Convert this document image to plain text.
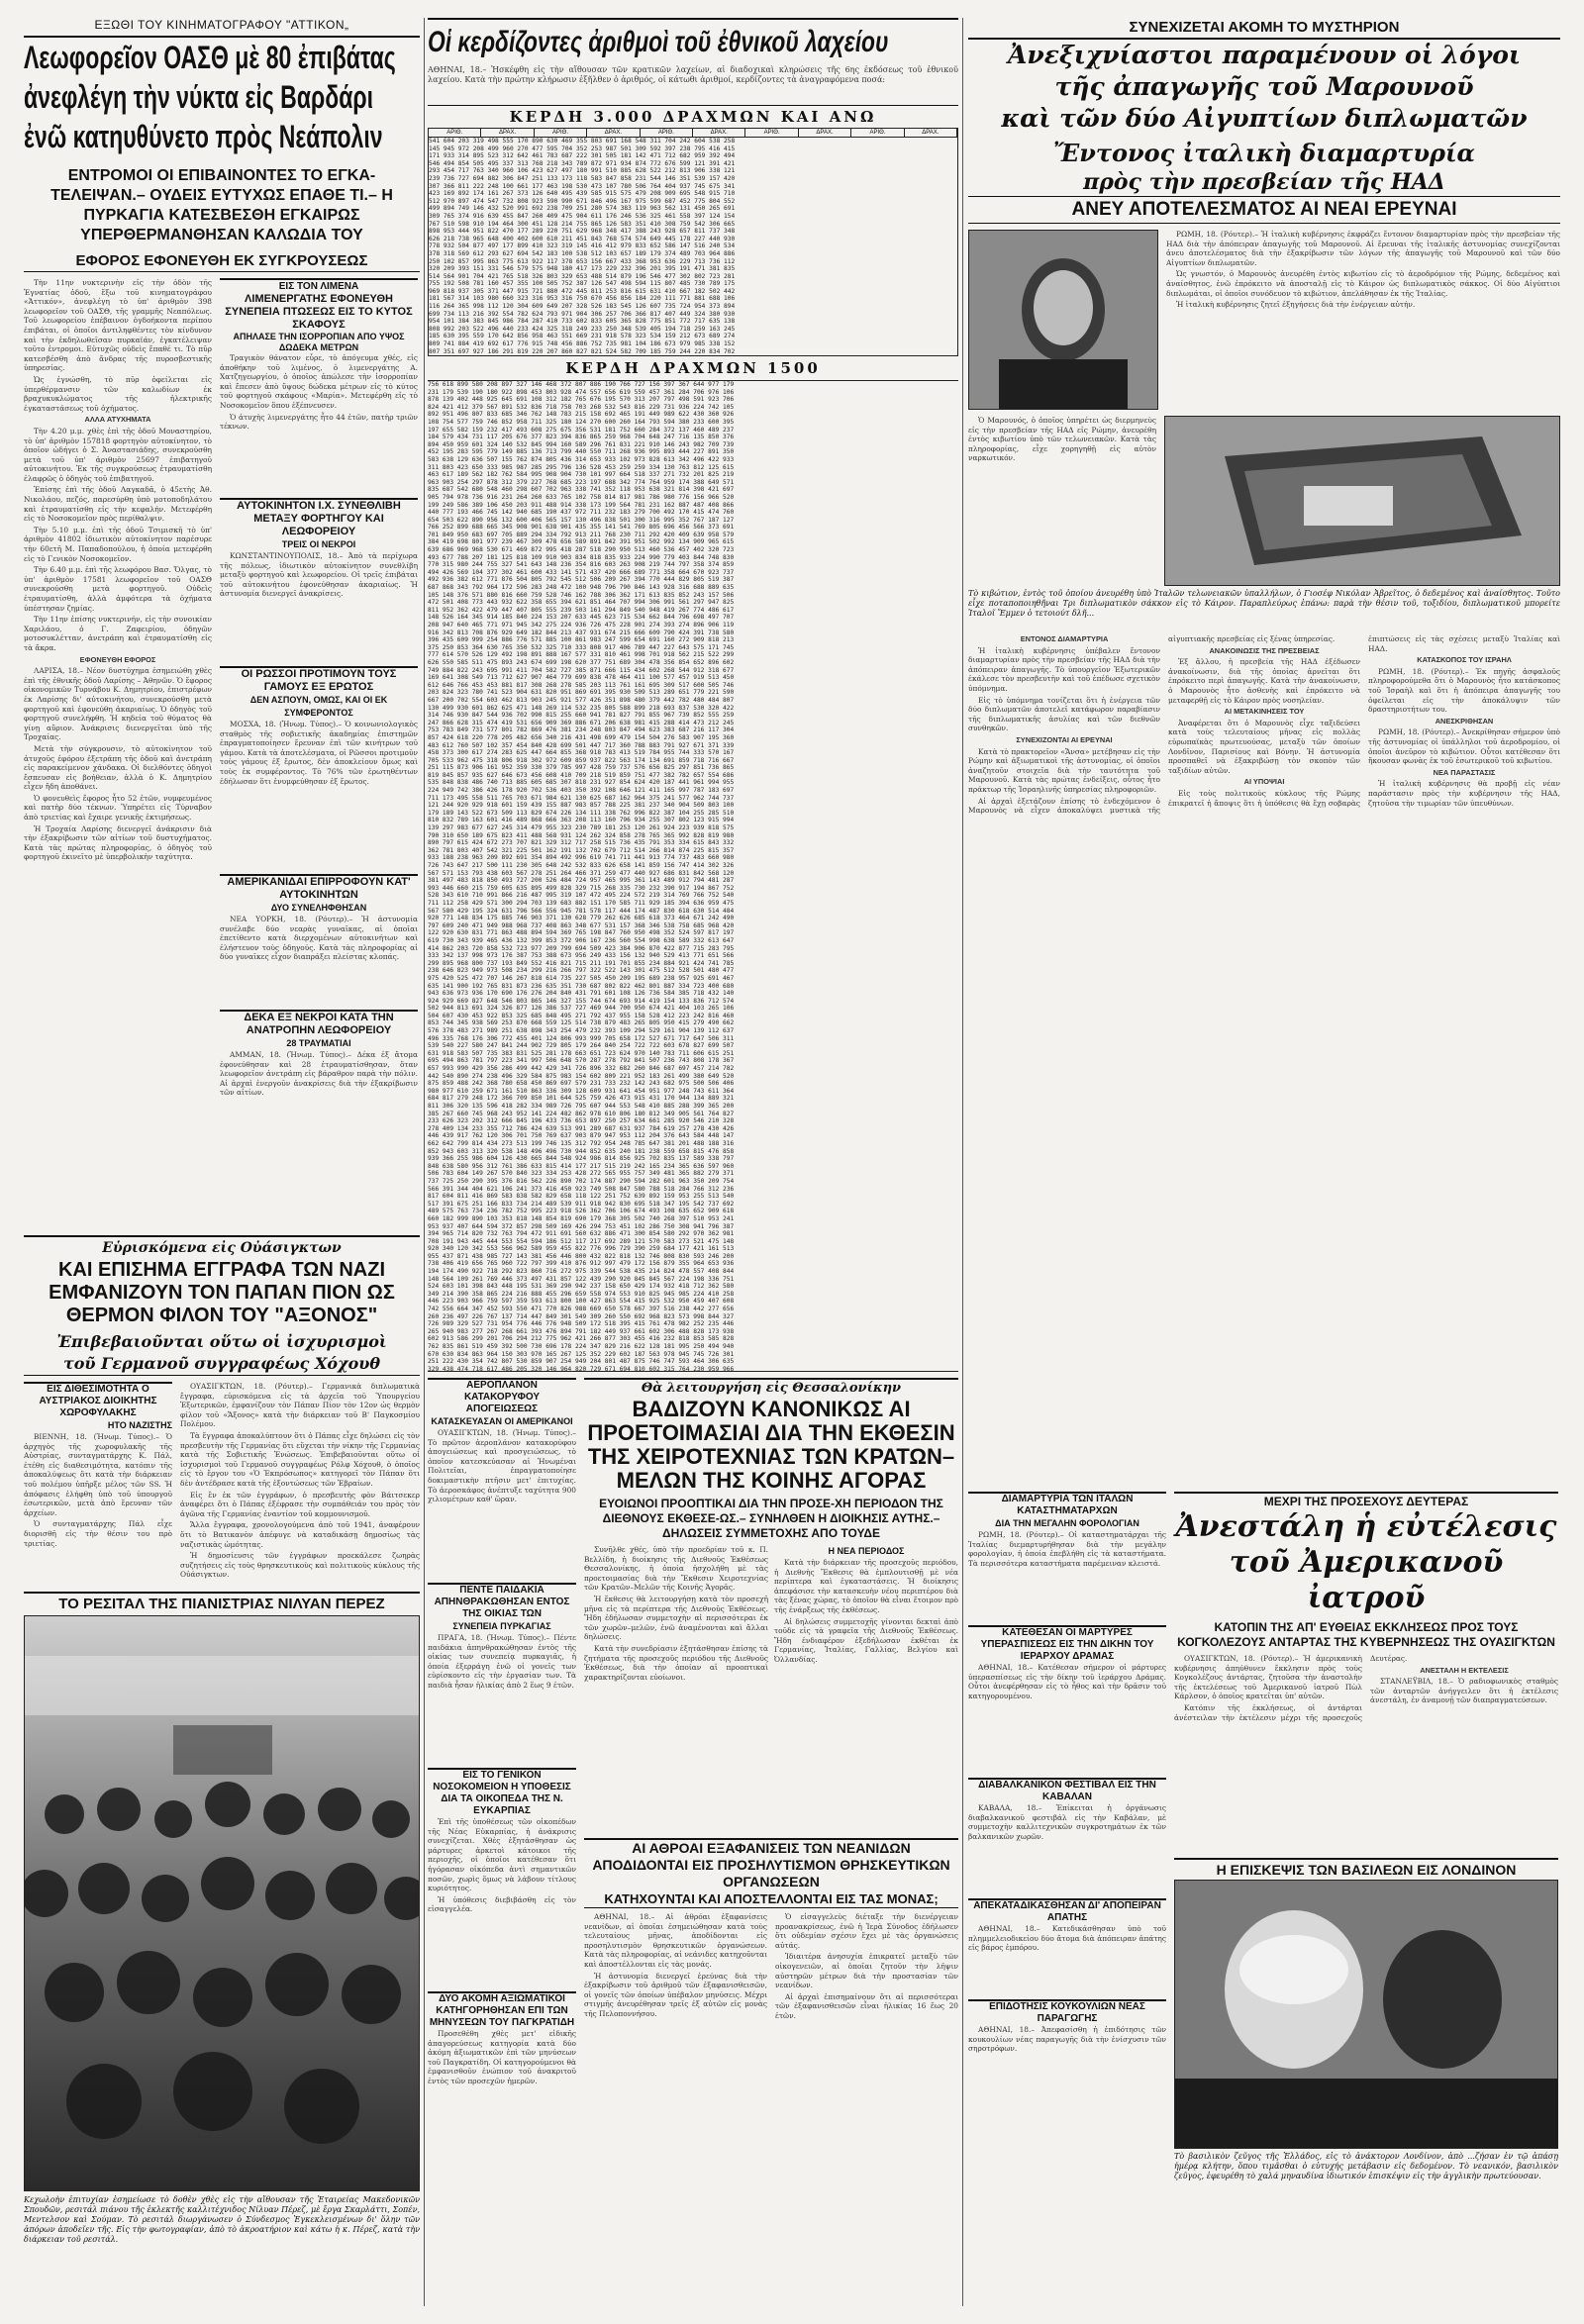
ΕΞΩΘΙ ΤΟΥ ΚΙΝΗΜΑΤΟΓΡΑΦΟΥ "ΑΤΤΙΚΟΝ„
Λεωφορεῖον ΟΑΣΘ μὲ 80 ἐπιβάτας
ἀνεφλέγη τὴν νύκτα εἰς Βαρδάρι
ἐνῶ κατηυθύνετο πρὸς Νεάπολιν
ΕΝΤΡΟΜΟΙ ΟΙ ΕΠΙΒΑΙΝΟΝΤΕΣ ΤΟ ΕΓΚΑ-ΤΕΛΕΙΨΑΝ.– ΟΥΔΕΙΣ ΕΥΤΥΧΩΣ ΕΠΑΘΕ ΤΙ.– Η ΠΥΡΚΑΓΙΑ ΚΑΤΕΣΒΕΣΘΗ ΕΓΚΑΙΡΩΣ ΥΠΕΡΘΕΡΜΑΝΘΗΣΑΝ ΚΑΛΩΔΙΑ ΤΟΥ
ΕΦΟΡΟΣ ΕΦΟΝΕΥΘΗ ΕΚ ΣΥΓΚΡΟΥΣΕΩΣ

Τὴν 11ην νυκτερινὴν εἰς τὴν ὁδὸν τῆς Ἐγνατίας ὁδοῦ, ἔξω τοῦ κινηματογράφου «Ἀττικόν», ἀνεφλέγη τὸ ὑπ' ἀριθμὸν 398 λεωφορεῖον τοῦ ΟΑΣΘ, τῆς γραμμῆς Νεαπόλεως. Τοῦ λεωφορείου ἐπέβαινον ὀγδοήκοντα περίπου ἐπιβάται, οἱ ὁποῖοι ἀντιληφθέντες τὸν κίνδυνον καὶ τὴν ἐκδηλωθεῖσαν πυρκαϊάν, ἐγκατέλειψαν τοῦτο ἐντρομοι. Εὐτυχῶς οὐδεὶς ἔπαθέ τι. Τὸ πῦρ κατεσβέσθη ἀπὸ ἄνδρας τῆς πυροσβεστικῆς ὑπηρεσίας.

Ὡς ἐγνώσθη, τὸ πῦρ ὀφείλεται εἰς ὑπερθέρμανσιν τῶν καλωδίων ἐκ βραχυκυκλώματος τῆς ἠλεκτρικῆς ἐγκαταστάσεως τοῦ ὀχήματος.

ΑΛΛΑ ΑΤΥΧΗΜΑΤΑ

Τὴν 4.20 μ.μ. χθὲς ἐπὶ τῆς ὁδοῦ Μοναστηρίου, τὸ ὑπ' ἀριθμὸν 157818 φορτηγὸν αὐτοκίνητον, τὸ ὁποῖον ὡδήγει ὁ Σ. Ἀναστασιάδης, συνεκρούσθη μετὰ τοῦ ὑπ' ἀριθμὸν 25697 ἐπιβατηγοῦ αὐτοκινήτου. Ἐκ τῆς συγκρούσεως ἐτραυματίσθη ἐλαφρῶς ὁ ὁδηγὸς τοῦ ἐπιβατηγοῦ.

Ἐπίσης ἐπὶ τῆς ὁδοῦ Λαγκαδᾶ, ὁ 45ετὴς Ἀθ. Νικολάου, πεζός, παρεσύρθη ὑπὸ μοτοποδηλάτου καὶ ἐτραυματίσθη εἰς τὴν κεφαλήν. Μετεφέρθη εἰς τὸ Νοσοκομεῖον πρὸς περίθαλψιν.

Τὴν 5.10 μ.μ. ἐπὶ τῆς ὁδοῦ Τσιμισκῆ τὸ ὑπ' ἀριθμὸν 41802 ἰδιωτικὸν αὐτοκίνητον παρέσυρε τὴν 60ετῆ Μ. Παπαδοπούλου, ἡ ὁποία μετεφέρθη εἰς τὸ Γενικὸν Νοσοκομεῖον.

Τὴν 6.40 μ.μ. ἐπὶ τῆς λεωφόρου Βασ. Ὄλγας, τὸ ὑπ' ἀριθμὸν 17581 λεωφορεῖον τοῦ ΟΑΣΘ συνεκρούσθη μετὰ φορτηγοῦ. Οὐδεὶς ἐτραυματίσθη, ἀλλὰ ἀμφότερα τὰ ὀχήματα ὑπέστησαν ζημίας.

Τὴν 11ην ἐπίσης νυκτερινήν, εἰς τὴν συνοικίαν Χαριλάου, ὁ Γ. Ζαφειρίου, ὁδηγῶν μοτοσυκλέτταν, ἀνετράπη καὶ ἐτραυματίσθη εἰς τὰ ἄκρα.

ΕΦΟΝΕΥΘΗ ΕΦΟΡΟΣ

ΛΑΡΙΣΑ, 18.– Νέον δυστύχημα ἐσημειώθη χθὲς ἐπὶ τῆς ἐθνικῆς ὁδοῦ Λαρίσης – Ἀθηνῶν. Ὁ ἔφορος οἰκονομικῶν Τυρνάβου Κ. Δημητρίου, ἐπιστρέφων ἐκ Λαρίσης δι' αὐτοκινήτου, συνεκρούσθη μετὰ φορτηγοῦ καὶ ἐφονεύθη ἀκαριαίως. Ὁ ὁδηγὸς τοῦ φορτηγοῦ συνελήφθη. Ἡ κηδεία τοῦ θύματος θὰ γίνῃ αὔριον. Ἀνάκρισις διενεργεῖται ὑπὸ τῆς Τροχαίας.

Μετὰ τὴν σύγκρουσιν, τὸ αὐτοκίνητον τοῦ ἀτυχοῦς ἐφόρου ἐξετράπη τῆς ὁδοῦ καὶ ἀνετράπη εἰς παρακείμενον χάνδακα. Οἱ διελθόντες ὁδηγοὶ ἔσπευσαν εἰς βοήθειαν, ἀλλὰ ὁ Κ. Δημητρίου εἶχεν ἤδη ἀποθάνει.

Ὁ φονευθεὶς ἔφορος ἦτο 52 ἐτῶν, νυμφευμένος καὶ πατὴρ δύο τέκνων. Ὑπηρέτει εἰς Τύρναβον ἀπὸ τριετίας καὶ ἔχαιρε γενικῆς ἐκτιμήσεως.

Ἡ Τροχαία Λαρίσης διενεργεῖ ἀνάκρισιν διὰ τὴν ἐξακρίβωσιν τῶν αἰτίων τοῦ δυστυχήματος. Κατὰ τὰς πρώτας πληροφορίας, ὁ ὁδηγὸς τοῦ φορτηγοῦ ἐκινεῖτο μὲ ὑπερβολικὴν ταχύτητα.

ΕΙΣ ΤΟΝ ΛΙΜΕΝΑ
ΛΙΜΕΝΕΡΓΑΤΗΣ ΕΦΟΝΕΥΘΗ ΣΥΝΕΠΕΙΑ ΠΤΩΣΕΩΣ ΕΙΣ ΤΟ ΚΥΤΟΣ ΣΚΑΦΟΥΣ
ΑΠΗΛΑΣΕ ΤΗΝ ΙΣΟΡΡΟΠΙΑΝ ΑΠΟ ΥΨΟΣ ΔΩΔΕΚΑ ΜΕΤΡΩΝ

Τραγικὸν θάνατον εὗρε, τὸ ἀπόγευμα χθές, εἰς ἀποθήκην τοῦ λιμένος, ὁ λιμενεργάτης Α. Χατζηγεωργίου, ὁ ὁποῖος ἀπώλεσε τὴν ἰσορροπίαν καὶ ἔπεσεν ἀπὸ ὕψους δώδεκα μέτρων εἰς τὸ κύτος τοῦ φορτηγοῦ σκάφους «Μαρία». Μετεφέρθη εἰς τὸ Νοσοκομεῖον ὅπου ἐξέπνευσεν.

Ὁ ἀτυχὴς λιμενεργάτης ἦτο 44 ἐτῶν, πατὴρ τριῶν τέκνων.

ΑΥΤΟΚΙΝΗΤΟΝ Ι.Χ. ΣΥΝΕΘΛΙΒΗ ΜΕΤΑΞΥ ΦΟΡΤΗΓΟΥ ΚΑΙ ΛΕΩΦΟΡΕΙΟΥ
ΤΡΕΙΣ ΟΙ ΝΕΚΡΟΙ

ΚΩΝΣΤΑΝΤΙΝΟΥΠΟΛΙΣ, 18.– Ἀπὸ τὰ περίχωρα τῆς πόλεως, ἰδιωτικὸν αὐτοκίνητον συνεθλίβη μεταξὺ φορτηγοῦ καὶ λεωφορείου. Οἱ τρεῖς ἐπιβάται τοῦ αὐτοκινήτου ἐφονεύθησαν ἀκαριαίως. Ἡ ἀστυνομία διενεργεῖ ἀνακρίσεις.

ΟΙ ΡΩΣΣΟΙ ΠΡΟΤΙΜΟΥΝ ΤΟΥΣ ΓΑΜΟΥΣ ΕΞ ΕΡΩΤΟΣ
ΔΕΝ ΑΣΠΟΥΝ, ΟΜΩΣ, ΚΑΙ ΟΙ ΕΚ ΣΥΜΦΕΡΟΝΤΟΣ

ΜΟΣΧΑ, 18. (Ἠνωμ. Τύπος).– Ὁ κοινωνιολογικὸς σταθμὸς τῆς σοβιετικῆς ἀκαδημίας ἐπιστημῶν ἐπραγματοποίησεν ἔρευναν ἐπὶ τῶν κινήτρων τοῦ γάμου. Κατὰ τὰ ἀποτελέσματα, οἱ Ρῶσσοι προτιμοῦν τοὺς γάμους ἐξ ἔρωτος, δὲν ἀποκλείουν ὅμως καὶ τοὺς ἐκ συμφέροντος. Τὸ 76% τῶν ἐρωτηθέντων ἐδήλωσαν ὅτι ἐνυμφεύθησαν ἐξ ἔρωτος.

ΑΜΕΡΙΚΑΝΙΔΑΙ ΕΠΙΡΡΟΦΟΥΝ ΚΑΤ' ΑΥΤΟΚΙΝΗΤΩΝ
ΔΥΟ ΣΥΝΕΛΗΦΘΗΣΑΝ

ΝΕΑ ΥΟΡΚΗ, 18. (Ρόυτερ).– Ἡ ἀστυνομία συνέλαβε δύο νεαρὰς γυναῖκας, αἱ ὁποῖαι ἐπετίθεντο κατὰ διερχομένων αὐτοκινήτων καὶ ἐλήστευον τοὺς ὁδηγούς. Κατὰ τὰς πληροφορίας αἱ δύο γυναῖκες εἶχον διαπράξει πλείστας κλοπάς.

ΔΕΚΑ ΕΞ ΝΕΚΡΟΙ ΚΑΤΑ ΤΗΝ ΑΝΑΤΡΟΠΗΝ ΛΕΩΦΟΡΕΙΟΥ
28 ΤΡΑΥΜΑΤΙΑΙ

ΑΜΜΑΝ, 18. (Ἠνωμ. Τύπος).– Δέκα ἐξ ἄτομα ἐφονεύθησαν καὶ 28 ἐτραυματίσθησαν, ὅταν λεωφορεῖον ἀνετράπη εἰς βάραθρον παρὰ τὴν πόλιν. Αἱ ἀρχαὶ ἐνεργοῦν ἀνακρίσεις διὰ τὴν ἐξακρίβωσιν τῶν αἰτίων.

Εὑρισκόμενα εἰς Οὐάσιγκτων
ΚΑΙ ΕΠΙΣΗΜΑ ΕΓΓΡΑΦΑ ΤΩΝ ΝΑΖΙ ΕΜΦΑΝΙΖΟΥΝ ΤΟΝ ΠΑΠΑΝ ΠΙΟΝ ΩΣ ΘΕΡΜΟΝ ΦΙΛΟΝ ΤΟΥ "ΑΞΟΝΟΣ"
Ἐπιβεβαιοῦνται οὕτω οἱ ἰσχυρισμοὶ
τοῦ Γερμανοῦ συγγραφέως Χόχουθ
ΕΙΣ ΔΙΘΕΣΙΜΟΤΗΤΑ Ο ΑΥΣΤΡΙΑΚΟΣ ΔΙΟΙΚΗΤΗΣ ΧΩΡΟΦΥΛΑΚΗΣ
ΗΤΟ ΝΑΖΙΣΤΗΣ

ΒΙΕΝΝΗ, 18. (Ἠνωμ. Τύπος).– Ὁ ἀρχηγὸς τῆς χωροφυλακῆς τῆς Αὐστρίας, συνταγματάρχης Κ. Πάλ, ἐτέθη εἰς διαθεσιμότητα, κατόπιν τῆς ἀποκαλύψεως ὅτι κατὰ τὴν διάρκειαν τοῦ πολέμου ὑπῆρξε μέλος τῶν SS. Ἡ ἀπόφασις ἐλήφθη ὑπὸ τοῦ ὑπουργοῦ ἐσωτερικῶν, μετὰ ἀπὸ ἔρευναν τῶν ἀρχείων.

Ὁ συνταγματάρχης Πάλ εἶχε διορισθῆ εἰς τὴν θέσιν του πρὸ τριετίας.

ΟΥΑΣΙΓΚΤΩΝ, 18. (Ρόυτερ).– Γερμανικὰ διπλωματικὰ ἔγγραφα, εὑρισκόμενα εἰς τὰ ἀρχεῖα τοῦ Ὑπουργείου Ἐξωτερικῶν, ἐμφανίζουν τὸν Πάπαν Πίον τὸν 12ον ὡς θερμὸν φίλον τοῦ «Ἄξονος» κατὰ τὴν διάρκειαν τοῦ Β' Παγκοσμίου Πολέμου.

Τὰ ἔγγραφα ἀποκαλύπτουν ὅτι ὁ Πάπας εἶχε δηλώσει εἰς τὸν πρεσβευτὴν τῆς Γερμανίας ὅτι εὔχεται τὴν νίκην τῆς Γερμανίας κατὰ τῆς Σοβιετικῆς Ἑνώσεως. Ἐπιβεβαιοῦνται οὕτω οἱ ἰσχυρισμοὶ τοῦ Γερμανοῦ συγγραφέως Ρόλφ Χόχουθ, ὁ ὁποῖος εἰς τὸ ἔργον του «Ὁ Ἐκπρόσωπος» κατηγορεῖ τὸν Πάπαν ὅτι δὲν ἀντέδρασε κατὰ τῆς ἐξοντώσεως τῶν Ἑβραίων.

Εἰς ἓν ἐκ τῶν ἐγγράφων, ὁ πρεσβευτὴς φὸν Βάιτσεκερ ἀναφέρει ὅτι ὁ Πάπας ἐξέφρασε τὴν συμπάθειάν του πρὸς τὸν ἀγῶνα τῆς Γερμανίας ἐναντίον τοῦ κομμουνισμοῦ.

Ἄλλα ἔγγραφα, χρονολογούμενα ἀπὸ τοῦ 1941, ἀναφέρουν ὅτι τὸ Βατικανὸν ἀπέφυγε νὰ καταδικάσῃ δημοσίως τὰς ναζιστικὰς ὠμότητας.

Ἡ δημοσίευσις τῶν ἐγγράφων προεκάλεσε ζωηρὰς συζητήσεις εἰς τοὺς θρησκευτικοὺς καὶ πολιτικοὺς κύκλους τῆς Οὐάσιγκτων.

ΤΟ ΡΕΣΙΤΑΛ ΤΗΣ ΠΙΑΝΙΣΤΡΙΑΣ ΝΙΛΥΑΝ ΠΕΡΕΖ
Κεχωλοὴν ἐπιτυχίαν ἐσημείωσε τὸ δοθὲν χθὲς εἰς τὴν αἴθουσαν τῆς Ἑταιρείας Μακεδονικῶν Σπουδῶν, ρεσιτάλ πιάνου τῆς ἐκλεκτῆς καλλιτέχνιδος Νίλυαν Πέρεζ, μὲ ἔργα Σκαρλάττι, Σοπέν, Μεντελσον καὶ Σούμαν. Τὸ ρεσιτάλ διωργάνωσεν ὁ Σύνδεσμος Ἐγκεκλεισμένων δι' ὅλην τῶν ἀπόρων ἀποδεῖεν τῆς. Εἰς τὴν φωτογραφίαν, ἀπὸ τὸ ἀκροατήριον καὶ κάτω ἡ κ. Πέρεζ, κατὰ τὴν διάρκειαν τοῦ ρεσιτάλ.
Οἱ κερδίζοντες ἀριθμοὶ τοῦ ἐθνικοῦ λαχείου
ΑΘΗΝΑΙ, 18.– Ἡσκέφθη εἰς τὴν αἴθουσαν τῶν κρατικῶν λαχείων, αἱ διαδοχικαὶ κληρώσεις τῆς 6ης ἐκδόσεως τοῦ ἐθνικοῦ λαχείου. Κατὰ τὴν πρώτην κλήρωσιν ἐξῆλθεν ὁ ἀριθμός, οἱ κάτωθι ἀριθμοί, κερδίζοντες τὰ ἀναγραφόμενα ποσά:
ΚΕΡΔΗ 3.000 ΔΡΑΧΜΩΝ ΚΑΙ ΑΝΩ
ΑΡΙΘ.	ΔΡΑΧ.	ΑΡΙΘ.	ΔΡΑΧ.	ΑΡΙΘ.	ΔΡΑΧ.	ΑΡΙΘ.	ΔΡΑΧ.	ΑΡΙΘ.	ΔΡΑΧ.
541 604 203 319 498 555 170 890 630 469 355 803 691 168 548 311 704 242 604 538 258
145 945 972 208 499 960 270 477 595 704 352 253 987 501 309 592 397 238 795 416 415
171 933 314 895 523 312 642 461 783 687 222 301 505 181 142 471 712 682 959 392 494
546 494 854 505 495 337 313 768 218 343 789 872 971 934 874 772 676 599 121 391 421
293 454 717 763 340 960 106 423 627 497 180 991 510 885 628 522 212 813 906 338 121
239 736 727 694 882 306 847 251 133 173 118 583 847 858 231 544 146 351 539 157 420
307 366 811 222 248 100 661 177 463 198 530 473 107 780 506 764 404 937 745 675 341
423 169 892 174 161 267 373 126 640 495 439 585 915 575 479 208 909 695 548 915 710
512 970 897 474 547 732 808 923 590 990 671 846 496 167 975 599 687 452 775 804 552
499 894 749 146 432 520 991 692 238 709 251 280 574 383 119 963 562 131 450 265 691
309 765 374 916 639 455 847 260 409 475 904 611 176 246 536 325 461 558 397 124 154
767 510 598 910 194 464 300 451 128 214 755 865 126 583 351 410 308 759 542 306 665
898 953 444 951 822 470 177 289 220 751 629 968 348 417 388 243 928 657 811 737 348
626 218 738 965 648 400 402 600 610 211 451 843 768 574 574 649 445 178 227 440 930
778 932 504 877 497 177 899 410 323 319 145 416 412 979 833 652 586 147 516 240 534
378 318 569 612 293 627 694 542 183 100 538 512 103 657 189 179 374 489 703 964 886
250 102 857 995 863 775 613 922 117 378 653 156 667 433 368 953 636 229 713 736 112
320 209 393 151 331 546 579 575 948 180 417 173 229 232 396 201 395 191 471 381 835
514 564 901 704 421 765 518 326 803 329 653 488 514 879 196 546 477 302 802 723 281
755 192 508 781 160 457 355 100 505 752 387 126 547 498 594 115 807 485 730 789 175
969 818 937 305 371 447 915 721 880 472 445 811 253 816 615 631 410 667 182 502 442
181 567 314 103 980 660 323 316 953 316 750 670 456 856 184 220 111 771 881 688 106
116 264 365 998 112 120 304 609 649 207 328 526 183 545 126 607 735 724 954 373 894
699 734 113 216 392 554 782 624 793 971 904 306 257 706 366 817 407 449 324 380 930
954 101 384 383 845 986 784 287 410 733 602 833 605 365 828 775 851 772 717 635 138
808 992 203 522 496 440 233 424 325 318 249 233 250 348 539 405 194 718 259 163 245
185 630 395 559 170 642 856 958 463 551 669 231 918 578 323 534 159 212 673 689 274
809 741 884 419 692 617 776 915 748 456 886 752 735 981 104 186 673 979 985 338 152
807 351 697 927 186 291 819 220 207 860 827 821 524 582 709 185 759 244 220 834 702
ΚΕΡΔΗ ΔΡΑΧΜΩΝ 1500
756 618 899 580 208 897 327 146 468 372 807 886 190 766 727 156 397 367 644 977 179
231 179 539 190 180 922 898 453 803 928 474 557 656 619 559 457 361 284 706 976 106
878 139 402 448 925 645 691 108 312 182 765 676 195 570 313 207 797 498 591 923 706
824 421 412 379 567 891 532 836 718 758 703 268 532 543 816 229 731 936 224 742 105
892 951 496 807 833 685 346 762 148 783 215 158 692 465 191 449 989 622 430 360 926
108 754 577 759 746 852 958 711 325 180 124 270 600 260 164 793 594 380 233 600 395
197 655 582 159 232 417 493 608 275 675 356 531 181 752 660 284 372 137 460 489 237
184 579 434 731 117 205 676 377 823 394 836 865 259 968 704 648 247 716 135 850 376
894 450 959 601 324 140 532 845 994 160 589 296 761 831 221 910 146 243 982 709 739
452 195 283 595 779 149 885 136 713 799 440 550 711 268 936 995 893 444 227 891 350
583 638 129 636 507 155 762 874 805 436 314 653 933 102 973 828 613 342 496 422 933
311 803 423 650 333 985 987 285 295 796 136 528 453 259 259 334 130 763 812 125 615
463 617 189 562 182 762 584 995 908 904 730 101 997 664 518 337 271 732 201 825 219
963 903 254 297 878 312 379 227 768 685 223 197 688 342 774 764 959 174 388 649 571
835 687 542 680 548 460 298 607 702 963 338 741 352 118 953 638 321 814 398 421 697
905 794 978 736 916 231 264 260 633 765 102 758 814 817 981 786 980 776 156 966 520
199 249 586 389 106 450 203 911 488 914 338 173 199 564 781 231 162 887 487 408 866
440 777 193 466 745 142 940 685 190 437 972 711 232 183 279 700 492 170 415 474 760
654 503 622 890 956 132 600 406 565 157 130 496 838 501 300 316 995 352 767 187 127
766 252 899 688 665 345 908 901 638 901 435 355 141 541 769 805 696 456 566 373 691
701 849 950 683 697 705 889 294 334 792 913 211 768 230 711 292 420 409 639 958 579
384 419 698 801 977 239 467 309 478 656 589 891 842 391 951 502 992 134 909 965 615
639 686 969 968 530 671 469 872 995 418 287 518 290 950 513 460 536 457 402 320 723
493 677 788 207 181 125 818 109 910 903 834 818 835 933 224 990 779 403 844 748 830
770 315 980 244 755 327 541 643 148 236 354 816 603 263 908 219 744 797 358 374 859
494 426 569 104 377 302 461 600 433 141 571 437 420 666 689 771 358 664 670 923 737
492 936 382 612 771 876 504 805 792 545 512 506 209 267 394 770 444 829 805 519 387
687 868 343 792 964 172 596 283 248 472 100 948 796 790 846 143 928 316 688 889 635
105 148 376 571 880 816 660 759 528 746 162 788 306 362 171 613 835 852 243 157 506
472 501 408 773 443 932 622 358 655 394 621 851 464 707 994 306 991 561 297 947 825
811 952 362 422 479 447 407 805 555 239 503 161 294 849 540 948 419 267 774 486 617
148 526 164 345 914 185 840 224 153 207 633 445 623 715 534 662 844 796 698 497 707
208 947 640 465 771 971 945 342 275 224 936 726 475 228 901 274 393 274 896 906 119
916 342 813 708 876 929 649 182 844 213 437 931 674 215 666 609 790 424 391 738 580
396 435 609 999 254 886 776 571 885 100 861 983 247 599 654 691 160 272 909 818 213
375 250 853 364 630 765 350 532 325 710 333 808 917 406 789 447 227 643 575 171 745
777 614 570 526 129 492 198 891 888 167 577 331 810 461 998 701 918 562 215 522 299
626 550 585 511 475 893 243 674 699 198 620 377 751 689 304 478 356 854 652 896 602
749 884 822 243 695 991 411 704 582 727 385 871 666 115 434 602 268 544 912 318 677
169 641 308 549 713 712 627 907 464 779 699 838 478 464 411 100 577 457 919 513 450
612 646 766 453 453 881 817 308 268 278 585 203 113 761 161 695 309 517 600 505 746
203 824 323 780 741 523 904 631 820 951 869 691 395 930 509 513 289 651 779 221 590
667 200 702 554 603 462 813 903 245 921 577 426 351 898 480 379 442 782 480 484 807
130 499 930 601 862 625 471 148 269 114 532 235 805 588 899 218 693 837 530 320 422
314 746 930 847 544 936 702 990 815 255 660 941 781 827 791 855 967 739 852 555 259
247 866 628 315 474 419 531 656 909 369 886 671 206 638 981 415 288 414 473 212 245
753 783 849 731 577 801 782 869 476 381 234 248 803 847 494 623 383 687 216 117 304
857 424 618 220 778 205 482 656 340 216 431 498 699 479 154 504 276 583 907 195 360
483 612 760 507 102 357 454 840 428 699 501 447 717 360 788 883 791 927 671 371 339
458 373 300 617 274 283 625 447 664 855 368 918 783 413 519 784 955 744 333 570 167
705 533 962 475 318 806 918 302 972 609 859 937 822 563 174 134 691 859 718 716 667
251 115 873 906 161 952 359 330 379 785 997 428 759 737 576 656 825 297 851 736 865
819 845 857 935 627 646 673 456 608 410 709 218 519 859 751 477 382 782 657 554 686
535 848 838 486 740 713 885 605 685 307 818 231 927 854 624 420 187 441 961 994 955
224 949 742 386 426 178 920 702 536 403 350 392 108 646 121 411 165 997 787 183 697
711 173 495 558 511 765 703 671 984 621 130 625 687 162 964 375 241 577 962 744 737
121 244 920 929 918 601 159 439 155 887 983 857 788 225 381 237 340 904 509 803 100
179 189 143 522 673 509 113 829 674 226 134 111 338 762 996 822 387 104 255 285 510
810 832 789 163 601 416 489 868 666 363 208 113 160 796 934 255 307 802 123 915 994
139 297 983 677 627 245 314 479 955 323 230 789 181 253 120 261 924 223 939 818 575
790 310 650 189 675 823 411 488 568 931 124 262 324 858 278 765 365 992 828 819 980
890 797 615 424 672 273 707 821 329 312 717 258 515 736 435 791 353 334 615 843 332
362 781 803 407 542 321 225 501 162 191 132 702 679 712 514 266 814 874 225 815 357
933 188 238 963 209 892 691 354 894 492 996 619 741 711 441 913 774 737 483 660 980
726 743 647 217 500 111 230 305 648 242 532 833 626 658 141 859 156 747 414 302 326
567 571 153 793 438 603 567 278 251 264 466 371 259 477 440 927 686 831 842 568 120
381 497 483 818 850 493 727 200 526 484 724 957 465 995 361 143 489 912 794 481 287
993 446 660 215 759 605 635 895 499 828 329 715 268 335 730 232 390 917 194 867 752
528 343 610 710 991 866 216 487 995 319 107 472 495 224 572 219 314 769 766 752 540
711 112 258 429 571 300 294 703 139 683 882 151 170 585 711 929 185 394 636 959 475
567 580 429 195 324 631 796 566 556 945 781 578 117 444 174 487 830 618 630 514 484
920 771 148 834 175 885 746 903 371 130 628 779 262 626 685 618 373 464 671 242 490
797 609 240 471 949 988 968 737 408 863 348 677 531 157 368 346 538 758 685 968 420
122 920 630 831 771 863 488 894 594 369 765 198 847 760 950 498 352 524 597 817 197
619 730 343 939 465 436 132 399 853 372 906 167 236 560 554 998 638 589 332 613 647
414 862 203 720 858 532 723 977 209 799 694 509 423 384 906 870 422 877 715 283 795
333 342 137 998 973 176 387 753 388 673 956 249 433 156 132 940 529 413 771 651 566
299 895 968 800 737 193 849 552 416 821 715 211 191 701 855 234 884 921 424 741 785
238 646 823 949 973 508 234 299 216 266 797 322 522 143 301 475 512 528 501 480 477
975 420 525 472 707 146 267 818 614 735 227 505 450 209 195 689 238 957 925 691 467
635 141 900 192 765 831 873 236 635 351 730 687 802 822 462 801 887 334 723 400 680
943 636 973 936 170 690 176 276 204 840 431 791 601 108 126 736 584 385 718 432 140
924 929 669 827 648 546 803 865 146 327 155 744 674 693 914 419 154 133 836 712 574
502 944 813 691 324 326 877 126 386 537 727 469 944 700 950 674 421 404 103 265 106
504 607 430 453 922 853 325 685 848 495 271 792 437 955 158 528 412 223 242 816 460
853 744 345 938 569 253 870 668 559 125 514 738 879 483 265 805 950 415 279 490 662
576 378 483 271 989 251 638 898 343 254 479 232 393 109 294 529 161 904 139 112 637
496 335 768 176 306 772 455 401 124 806 993 999 705 658 172 527 671 717 647 506 311
539 540 227 580 247 841 244 902 729 805 179 264 840 254 722 722 603 678 827 699 507
631 918 583 507 735 383 831 525 281 178 663 651 723 624 970 140 783 711 606 615 251
695 494 863 781 797 223 341 997 506 648 570 287 278 792 841 507 236 743 808 178 367
657 993 990 429 356 286 499 442 429 341 726 896 332 682 260 846 687 697 457 214 782
442 540 890 274 238 496 329 584 875 983 154 602 809 221 952 183 261 499 380 649 520
875 859 488 242 368 780 658 450 869 697 579 231 733 232 142 243 682 975 500 506 406
980 977 610 259 671 161 510 863 336 309 128 609 931 641 454 951 977 248 743 611 364
684 817 279 248 172 366 709 850 101 644 525 759 426 473 915 431 170 944 134 889 321
811 306 320 135 596 418 282 334 989 726 795 607 944 553 548 410 885 288 399 365 200
385 267 660 745 968 243 952 141 224 482 862 978 610 806 180 812 349 905 561 764 827
233 626 323 202 312 666 845 196 433 736 653 897 250 257 634 661 285 920 546 210 328
278 409 134 233 355 712 786 424 639 513 991 289 687 631 937 784 619 257 278 430 426
446 439 917 762 120 306 701 750 769 637 903 879 947 953 112 204 376 643 584 448 147
662 642 799 814 434 273 513 199 746 135 312 792 954 248 785 647 381 201 488 188 316
852 943 603 313 320 538 148 496 496 730 944 852 635 240 181 238 559 658 815 476 858
939 366 255 986 604 126 430 665 844 548 924 986 814 856 925 702 835 137 589 338 797
848 638 580 956 312 761 386 633 815 414 177 217 515 219 242 165 234 365 636 597 960
506 783 604 149 267 570 840 323 334 253 428 272 565 955 757 349 481 365 882 279 371
737 725 250 290 395 376 816 562 226 890 702 174 887 290 594 282 601 963 350 209 754
566 391 344 404 621 106 241 373 416 450 923 749 508 847 580 788 518 284 766 312 236
817 604 811 416 869 583 838 582 829 658 118 122 251 752 639 892 159 953 255 513 540
517 391 675 251 166 833 734 214 489 539 911 918 942 830 695 518 347 195 542 737 692
489 575 763 734 236 782 752 995 223 918 526 362 706 106 674 493 108 635 652 909 618
660 182 999 890 103 353 818 148 854 819 690 179 368 305 502 740 268 397 510 953 241
953 937 407 644 594 372 857 298 509 169 426 294 753 451 102 286 750 308 941 796 387
394 965 714 820 732 763 794 472 911 691 560 632 886 471 300 854 580 292 970 362 981
708 191 943 445 444 553 554 594 186 512 117 217 692 289 121 570 583 273 521 475 148
920 340 120 342 553 566 962 589 959 455 822 776 996 729 390 259 684 177 421 161 513
955 437 871 438 985 727 143 381 456 446 800 432 822 818 132 746 808 830 593 246 200
738 406 419 656 765 960 722 797 399 410 876 912 997 479 172 156 879 355 964 653 936
194 174 490 922 718 292 823 860 716 272 975 339 544 538 435 214 824 478 557 408 844
148 564 109 261 769 446 373 497 431 857 122 439 290 920 845 845 567 224 198 336 751
524 603 101 398 843 448 195 531 369 290 942 237 158 650 429 174 932 418 712 362 580
349 214 390 358 865 224 216 888 455 296 659 558 974 553 910 825 945 985 224 410 258
446 223 903 966 759 597 359 593 613 800 100 427 863 554 415 925 532 950 459 407 608
742 556 664 347 452 593 550 471 770 826 988 669 650 578 667 397 516 238 442 277 656
260 236 497 226 767 137 714 447 849 301 549 309 260 550 692 968 823 573 998 844 327
726 989 329 527 731 954 776 446 776 948 509 172 518 395 415 761 478 982 252 235 446
265 940 983 277 267 268 661 393 476 894 791 182 449 937 661 602 306 488 828 173 938
602 913 586 299 201 706 294 212 775 962 421 266 877 303 455 416 232 818 853 585 828
762 835 861 519 459 392 500 730 696 178 224 347 829 216 622 128 181 995 250 494 940
670 630 834 863 964 150 303 970 165 267 125 352 229 602 187 563 978 945 745 726 301
251 222 430 354 742 807 530 859 907 254 949 204 801 487 875 746 747 593 464 306 635
329 438 474 718 617 486 205 320 146 964 820 729 671 694 810 602 315 764 230 959 966
ΑΕΡΟΠΛΑΝΟΝ ΚΑΤΑΚΟΡΥΦΟΥ ΑΠΟΓΕΙΩΣΕΩΣ
ΚΑΤΑΣΚΕΥΑΣΑΝ ΟΙ ΑΜΕΡΙΚΑΝΟΙ

ΟΥΑΣΙΓΚΤΩΝ, 18. (Ἠνωμ. Τύπος).– Τὸ πρῶτον ἀεροπλάνον κατακορύφου ἀπογειώσεως καὶ προσγειώσεως, τὸ ὁποῖον κατεσκεύασαν αἱ Ἡνωμέναι Πολιτεῖαι, ἐπραγματοποίησε δοκιμαστικὴν πτῆσιν μετ' ἐπιτυχίας. Τὸ ἀεροσκάφος ἀνέπτυξε ταχύτητα 900 χιλιομέτρων καθ' ὥραν.

ΠΕΝΤΕ ΠΑΙΔΑΚΙΑ ΑΠΗΝΘΡΑΚΩΘΗΣΑΝ ΕΝΤΟΣ ΤΗΣ ΟΙΚΙΑΣ ΤΩΝ
ΣΥΝΕΠΕΙΑ ΠΥΡΚΑΓΙΑΣ

ΠΡΑΓΑ, 18. (Ἠνωμ. Τύπος).– Πέντε παιδάκια ἀπηνθρακώθησαν ἐντὸς τῆς οἰκίας των συνεπείᾳ πυρκαγιᾶς, ἡ ὁποία ἐξερράγη ἐνῶ οἱ γονεῖς των εὑρίσκοντο εἰς τὴν ἐργασίαν των. Τὰ παιδιὰ ἦσαν ἡλικίας ἀπὸ 2 ἕως 9 ἐτῶν.

ΕΙΣ ΤΟ ΓΕΝΙΚΟΝ ΝΟΣΟΚΟΜΕΙΟΝ Η ΥΠΟΘΕΣΙΣ ΔΙΑ ΤΑ ΟΙΚΟΠΕΔΑ ΤΗΣ Ν. ΕΥΚΑΡΠΙΑΣ

Ἐπὶ τῆς ὑποθέσεως τῶν οἰκοπέδων τῆς Νέας Εὐκαρπίας, ἡ ἀνάκρισις συνεχίζεται. Χθὲς ἐξητάσθησαν ὡς μάρτυρες ἀρκετοὶ κάτοικοι τῆς περιοχῆς, οἱ ὁποῖοι κατέθεσαν ὅτι ἠγόρασαν οἰκόπεδα ἀντὶ σημαντικῶν ποσῶν, χωρὶς ὅμως νὰ λάβουν τίτλους κυριότητος.

Ἡ ὑπόθεσις διεβιβάσθη εἰς τὸν εἰσαγγελέα.

ΔΥΟ ΑΚΟΜΗ ΑΞΙΩΜΑΤΙΚΟΙ ΚΑΤΗΓΟΡΗΘΗΣΑΝ ΕΠΙ ΤΩΝ ΜΗΝΥΣΕΩΝ ΤΟΥ ΠΑΓΚΡΑΤΙΔΗ

Προσεθέθη χθὲς μετ' εἰδικῆς ἀπαγορεύσεως κατηγορία κατὰ δύο ἀκόμη ἀξιωματικῶν ἐπὶ τῶν μηνύσεων τοῦ Παγκρατίδη. Οἱ κατηγορούμενοι θὰ ἐμφανισθοῦν ἐνώπιον τοῦ ἀνακριτοῦ ἐντὸς τῶν προσεχῶν ἡμερῶν.

Θὰ λειτουργήση εἰς Θεσσαλονίκην
ΒΑΔΙΖΟΥΝ ΚΑΝΟΝΙΚΩΣ ΑΙ ΠΡΟΕΤΟΙΜΑΣΙΑΙ ΔΙΑ ΤΗΝ ΕΚΘΕΣΙΝ ΤΗΣ ΧΕΙΡΟΤΕΧΝΙΑΣ ΤΩΝ ΚΡΑΤΩΝ–ΜΕΛΩΝ ΤΗΣ ΚΟΙΝΗΣ ΑΓΟΡΑΣ
ΕΥΟΙΩΝΟΙ ΠΡΟΟΠΤΙΚΑΙ ΔΙΑ ΤΗΝ ΠΡΟΣΕ-ΧΗ ΠΕΡΙΟΔΟΝ ΤΗΣ ΔΙΕΘΝΟΥΣ ΕΚΘΕΣΕ-ΩΣ.– ΣΥΝΗΛΘΕΝ Η ΔΙΟΙΚΗΣΙΣ ΑΥΤΗΣ.– ΔΗΛΩΣΕΙΣ ΣΥΜΜΕΤΟΧΗΣ ΑΠΟ ΤΟΥΔΕ

Συνῆλθε χθές, ὑπὸ τὴν προεδρίαν τοῦ κ. Π. Βελλίδη, ἡ διοίκησις τῆς Διεθνοῦς Ἐκθέσεως Θεσσαλονίκης, ἡ ὁποία ἠσχολήθη μὲ τὰς προετοιμασίας διὰ τὴν Ἔκθεσιν Χειροτεχνίας τῶν Κρατῶν–Μελῶν τῆς Κοινῆς Ἀγορᾶς.

Ἡ ἔκθεσις θὰ λειτουργήσῃ κατὰ τὸν προσεχῆ μῆνα εἰς τὰ περίπτερα τῆς Διεθνοῦς Ἐκθέσεως. Ἤδη ἐδήλωσαν συμμετοχὴν αἱ περισσότεραι ἐκ τῶν χωρῶν–μελῶν, ἐνῶ ἀναμένονται καὶ ἄλλαι δηλώσεις.

Κατὰ τὴν συνεδρίασιν ἐξητάσθησαν ἐπίσης τὰ ζητήματα τῆς προσεχοῦς περιόδου τῆς Διεθνοῦς Ἐκθέσεως, διὰ τὴν ὁποίαν αἱ προοπτικαὶ χαρακτηρίζονται εὐοίωνοι.

Η ΝΕΑ ΠΕΡΙΟΔΟΣ

Κατὰ τὴν διάρκειαν τῆς προσεχοῦς περιόδου, ἡ Διεθνὴς Ἔκθεσις θὰ ἐμπλουτισθῇ μὲ νέα περίπτερα καὶ ἐγκαταστάσεις. Ἡ διοίκησις ἀπεφάσισε τὴν κατασκευὴν νέου περιπτέρου διὰ τὰς ξένας χώρας, τὸ ὁποῖον θὰ εἶναι ἕτοιμον πρὸ τῆς ἐνάρξεως τῆς ἐκθέσεως.

Αἱ δηλώσεις συμμετοχῆς γίνονται δεκταὶ ἀπὸ τοῦδε εἰς τὰ γραφεῖα τῆς Διεθνοῦς Ἐκθέσεως. Ἤδη ἐνδιαφέρον ἐξεδήλωσαν ἐκθέται ἐκ Γερμανίας, Ἰταλίας, Γαλλίας, Βελγίου καὶ Ὀλλανδίας.

ΑΙ ΑΘΡΟΑΙ ΕΞΑΦΑΝΙΣΕΙΣ ΤΩΝ ΝΕΑΝΙΔΩΝ ΑΠΟΔΙΔΟΝΤΑΙ ΕΙΣ ΠΡΟΣΗΛΥΤΙΣΜΟΝ ΘΡΗΣΚΕΥΤΙΚΩΝ ΟΡΓΑΝΩΣΕΩΝ
ΚΑΤΗΧΟΥΝΤΑΙ ΚΑΙ ΑΠΟΣΤΕΛΛΟΝΤΑΙ ΕΙΣ ΤΑΣ ΜΟΝΑΣ;

ΑΘΗΝΑΙ, 18.– Αἱ ἀθρόαι ἐξαφανίσεις νεανίδων, αἱ ὁποῖαι ἐσημειώθησαν κατὰ τοὺς τελευταίους μῆνας, ἀποδίδονται εἰς προσηλυτισμὸν θρησκευτικῶν ὀργανώσεων. Κατὰ τὰς πληροφορίας, αἱ νεάνιδες κατηχοῦνται καὶ ἀποστέλλονται εἰς τὰς μονάς.

Ἡ ἀστυνομία διενεργεῖ ἐρεύνας διὰ τὴν ἐξακρίβωσιν τοῦ ἀριθμοῦ τῶν ἐξαφανισθεισῶν, οἱ γονεῖς τῶν ὁποίων ὑπέβαλον μηνύσεις. Μέχρι στιγμῆς ἀνευρέθησαν τρεῖς ἐξ αὐτῶν εἰς μονὰς τῆς Πελοποννήσου.

Ὁ εἰσαγγελεὺς διέταξε τὴν διενέργειαν προανακρίσεως, ἐνῶ ἡ Ἱερὰ Σύνοδος ἐδήλωσεν ὅτι οὐδεμίαν σχέσιν ἔχει μὲ τὰς ὀργανώσεις αὐτάς.

Ἰδιαιτέρα ἀνησυχία ἐπικρατεῖ μεταξὺ τῶν οἰκογενειῶν, αἱ ὁποῖαι ζητοῦν τὴν λῆψιν αὐστηρῶν μέτρων διὰ τὴν προστασίαν τῶν νεανίδων.

Αἱ ἀρχαὶ ἐπισημαίνουν ὅτι αἱ περισσότεραι τῶν ἐξαφανισθεισῶν εἶναι ἡλικίας 16 ἕως 20 ἐτῶν.

ΣΥΝΕΧΙΖΕΤΑΙ ΑΚΟΜΗ ΤΟ ΜΥΣΤΗΡΙΟΝ
Ἀνεξιχνίαστοι παραμένουν οἱ λόγοι
τῆς ἀπαγωγῆς τοῦ Μαρουνοῦ
καὶ τῶν δύο Αἰγυπτίων διπλωματῶν
Ἔντονος ἰταλικὴ διαμαρτυρία
πρὸς τὴν πρεσβείαν τῆς ΗΑΔ
ΑΝΕΥ ΑΠΟΤΕΛΕΣΜΑΤΟΣ ΑΙ ΝΕΑΙ ΕΡΕΥΝΑΙ

ΡΩΜΗ, 18. (Ρόυτερ).– Ἡ ἰταλικὴ κυβέρνησις ἐκφράζει ἔντονον διαμαρτυρίαν πρὸς τὴν πρεσβείαν τῆς ΗΑΔ διὰ τὴν ἀπόπειραν ἀπαγωγῆς τοῦ Μαρουνοῦ. Αἱ ἔρευναι τῆς ἰταλικῆς ἀστυνομίας συνεχίζονται ἀνευ ἀποτελέσματος διὰ τὴν ἐξακρίβωσιν τῶν λόγων τῆς ἀπαγωγῆς τοῦ Μαρουνοῦ καὶ τῶν δύο Αἰγυπτίων διπλωματῶν.

Ὡς γνωστόν, ὁ Μαρουνὸς ἀνευρέθη ἐντὸς κιβωτίου εἰς τὸ ἀεροδρόμιον τῆς Ρώμης, δεδεμένος καὶ ἀναίσθητος, ἐνῶ ἐπρόκειτο νὰ ἀποσταλῇ εἰς τὸ Κάιρον ὡς διπλωματικὸς σάκκος. Οἱ δύο Αἰγύπτιοι διπλωμάται, οἱ ὁποῖοι συνόδευον τὸ κιβώτιον, ἀπελάθησαν ἐκ τῆς Ἰταλίας.

Ἡ ἰταλικὴ κυβέρνησις ζητεῖ ἐξηγήσεις διὰ τὴν ἐνέργειαν αὐτήν.

Ὁ Μαρουνός, ὁ ὁποῖος ὑπηρέτει ὡς διερμηνεὺς εἰς τὴν πρεσβείαν τῆς ΗΑΔ εἰς Ρώμην, ἀνευρέθη ἐντὸς κιβωτίου ὑπὸ τῶν τελωνειακῶν. Κατὰ τὰς πληροφορίας, εἶχε χορηγηθῇ εἰς αὐτὸν ναρκωτικόν.

Τὸ κιβώτιον, ἐντὸς τοῦ ὁποίου ἀνευρέθη ὑπὸ Ἰταλῶν τελωνειακῶν ὑπαλλήλων, ὁ Γιοσέφ Νικόλαν Ἀβρεῖτος, ὁ δεδεμένος καὶ ἀναίσθητος. Τοῦτο εἶχε ποταποποιηθῆναι Τρι διπλωματικὸν σάκκον εἰς τὸ Κάιρον. Παραπλεύρως ἐπάνω: παρὰ τὴν θέσιν τοῦ, τοξιδίου, διπλωματικοῦ μπορείτε Ἰταλοῖ Ἔμμεν ὁ τετοιούτ δλῆ...

ΕΝΤΟΝΟΣ ΔΙΑΜΑΡΤΥΡΙΑ

Ἡ ἰταλικὴ κυβέρνησις ὑπέβαλεν ἔντονον διαμαρτυρίαν πρὸς τὴν πρεσβείαν τῆς ΗΑΔ διὰ τὴν ἀπόπειραν ἀπαγωγῆς. Τὸ ὑπουργεῖον Ἐξωτερικῶν ἐκάλεσε τὸν πρεσβευτὴν καὶ τοῦ ἐπέδωσε σχετικὸν ὑπόμνημα.

Εἰς τὸ ὑπόμνημα τονίζεται ὅτι ἡ ἐνέργεια τῶν δύο διπλωματῶν ἀποτελεῖ κατάφωρον παραβίασιν τῆς διπλωματικῆς ἀσυλίας καὶ τῶν διεθνῶν συνθηκῶν.

ΣΥΝΕΧΙΖΟΝΤΑΙ ΑΙ ΕΡΕΥΝΑΙ

Κατὰ τὸ πρακτορεῖον «Ἄνσα» μετέβησαν εἰς τὴν Ρώμην καὶ ἀξιωματικοὶ τῆς ἀστυνομίας, οἱ ὁποῖοι ἀναζητοῦν στοιχεῖα διὰ τὴν ταυτότητα τοῦ Μαρουνοῦ. Κατὰ τὰς πρώτας ἐνδείξεις, οὗτος ἦτο πράκτωρ τῆς Ἰσραηλινῆς ὑπηρεσίας πληροφοριῶν.

Αἱ ἀρχαὶ ἐξετάζουν ἐπίσης τὸ ἐνδεχόμενον ὁ Μαρουνὸς νὰ εἶχεν ἀποκαλύψει μυστικὰ τῆς αἰγυπτιακῆς πρεσβείας εἰς ξένας ὑπηρεσίας.

ΑΝΑΚΟΙΝΩΣΙΣ ΤΗΣ ΠΡΕΣΒΕΙΑΣ

Ἐξ ἄλλου, ἡ πρεσβεία τῆς ΗΑΔ ἐξέδωσεν ἀνακοίνωσιν, διὰ τῆς ὁποίας ἀρνεῖται ὅτι ἐπρόκειτο περὶ ἀπαγωγῆς. Κατὰ τὴν ἀνακοίνωσιν, ὁ Μαρουνὸς ἦτο ἀσθενὴς καὶ ἐπρόκειτο νὰ μεταφερθῇ εἰς τὸ Κάιρον πρὸς νοσηλείαν.

ΑΙ ΜΕΤΑΚΙΝΗΣΕΙΣ ΤΟΥ

Ἀναφέρεται ὅτι ὁ Μαρουνὸς εἶχε ταξιδεύσει κατὰ τοὺς τελευταίους μῆνας εἰς πολλὰς εὐρωπαϊκὰς πρωτευούσας, μεταξὺ τῶν ὁποίων Λονδῖνον, Παρισίους καὶ Βόνην. Ἡ ἀστυνομία προσπαθεῖ νὰ ἐξακριβώσῃ τὸν σκοπὸν τῶν ταξιδίων αὐτῶν.

ΑΙ ΥΠΟΨΙΑΙ

Εἰς τοὺς πολιτικοὺς κύκλους τῆς Ρώμης ἐπικρατεῖ ἡ ἄποψις ὅτι ἡ ὑπόθεσις θὰ ἔχῃ σοβαρὰς ἐπιπτώσεις εἰς τὰς σχέσεις μεταξὺ Ἰταλίας καὶ ΗΑΔ.

ΚΑΤΑΣΚΟΠΟΣ ΤΟΥ ΙΣΡΑΗΛ

ΡΩΜΗ, 18. (Ρόυτερ).– Ἐκ πηγῆς ἀσφαλοῦς πληροφορούμεθα ὅτι ὁ Μαρουνὸς ἦτο κατάσκοπος τοῦ Ἰσραὴλ καὶ ὅτι ἡ ἀπόπειρα ἀπαγωγῆς του ὀφείλεται εἰς τὴν ἀποκάλυψιν τῶν δραστηριοτήτων του.

ΑΝΕΣΚΡΙΘΗΣΑΝ

ΡΩΜΗ, 18. (Ρόυτερ).– Ἀνεκρίθησαν σήμερον ὑπὸ τῆς ἀστυνομίας οἱ ὑπάλληλοι τοῦ ἀεροδρομίου, οἱ ὁποῖοι ἀνεῦρον τὸ κιβώτιον. Οὗτοι κατέθεσαν ὅτι ἤκουσαν φωνὰς ἐκ τοῦ ἐσωτερικοῦ τοῦ κιβωτίου.

ΝΕΑ ΠΑΡΑΣΤΑΣΙΣ

Ἡ ἰταλικὴ κυβέρνησις θὰ προβῇ εἰς νέαν παράστασιν πρὸς τὴν κυβέρνησιν τῆς ΗΑΔ, ζητοῦσα τὴν τιμωρίαν τῶν ὑπευθύνων.

ΔΙΑΜΑΡΤΥΡΙΑ ΤΩΝ ΙΤΑΛΩΝ ΚΑΤΑΣΤΗΜΑΤΑΡΧΩΝ
ΔΙΑ ΤΗΝ ΜΕΓΑΛΗΝ ΦΟΡΟΛΟΓΙΑΝ

ΡΩΜΗ, 18. (Ρόυτερ).– Οἱ καταστηματάρχαι τῆς Ἰταλίας διεμαρτυρήθησαν διὰ τὴν μεγάλην φορολογίαν, ἡ ὁποία ἐπεβλήθη εἰς τὰ καταστήματα. Τὰ περισσότερα καταστήματα παρέμειναν κλειστά.

ΚΑΤΕΘΕΣΑΝ ΟΙ ΜΑΡΤΥΡΕΣ ΥΠΕΡΑΣΠΙΣΕΩΣ ΕΙΣ ΤΗΝ ΔΙΚΗΝ ΤΟΥ ΙΕΡΑΡΧΟΥ ΔΡΑΜΑΣ

ΑΘΗΝΑΙ, 18.– Κατέθεσαν σήμερον οἱ μάρτυρες ὑπερασπίσεως εἰς τὴν δίκην τοῦ ἱεράρχου Δράμας. Οὗτοι ἀνεφέρθησαν εἰς τὸ ἦθος καὶ τὴν δρᾶσιν τοῦ κατηγορουμένου.

ΔΙΑΒΑΛΚΑΝΙΚΟΝ ΦΕΣΤΙΒΑΛ ΕΙΣ ΤΗΝ ΚΑΒΑΛΑΝ

ΚΑΒΑΛΑ, 18.– Ἐπίκειται ἡ ὀργάνωσις διαβαλκανικοῦ φεστιβάλ εἰς τὴν Καβάλαν, μὲ συμμετοχὴν καλλιτεχνικῶν συγκροτημάτων ἐκ τῶν βαλκανικῶν χωρῶν.

ΑΠΕΚΑΤΑΔΙΚΑΣΘΗΣΑΝ ΔΙ' ΑΠΟΠΕΙΡΑΝ ΑΠΑΤΗΣ

ΑΘΗΝΑΙ, 18.– Κατεδικάσθησαν ὑπὸ τοῦ πλημμελειοδικείου δύο ἄτομα διὰ ἀπόπειραν ἀπάτης εἰς βάρος ἐμπόρου.

ΕΠΙΔΟΤΗΣΙΣ ΚΟΥΚΟΥΛΙΩΝ ΝΕΑΣ ΠΑΡΑΓΩΓΗΣ

ΑΘΗΝΑΙ, 18.– Ἀπεφασίσθη ἡ ἐπιδότησις τῶν κουκουλίων νέας παραγωγῆς διὰ τὴν ἐνίσχυσιν τῶν σηροτρόφων.

ΜΕΧΡΙ ΤΗΣ ΠΡΟΣΕΧΟΥΣ ΔΕΥΤΕΡΑΣ
Ἀνεστάλη ἡ εὐτέλεσις
τοῦ Ἀμερικανοῦ ἰατροῦ
ΚΑΤΟΠΙΝ ΤΗΣ ΑΠ' ΕΥΘΕΙΑΣ ΕΚΚΛΗΣΕΩΣ ΠΡΟΣ ΤΟΥΣ ΚΟΓΚΟΛΕΖΟΥΣ ΑΝΤΑΡΤΑΣ ΤΗΣ ΚΥΒΕΡΝΗΣΕΩΣ ΤΗΣ ΟΥΑΣΙΓΚΤΩΝ

ΟΥΑΣΙΓΚΤΩΝ, 18. (Ρόυτερ).– Ἡ ἀμερικανικὴ κυβέρνησις ἀπηύθυνεν ἔκκλησιν πρὸς τοὺς Κογκολέζους ἀντάρτας, ζητοῦσα τὴν ἀναστολὴν τῆς ἐκτελέσεως τοῦ Ἀμερικανοῦ ἰατροῦ Πὼλ Κάρλσον, ὁ ὁποῖος κρατεῖται ὑπ' αὐτῶν.

Κατόπιν τῆς ἐκκλήσεως, οἱ ἀντάρται ἀνέστειλαν τὴν ἐκτέλεσιν μέχρι τῆς προσεχοῦς Δευτέρας.

ΑΝΕΣΤΑΛΗ Η ΕΚΤΕΛΕΣΙΣ

ΣΤΑΝΛΕΫΒΙΛ, 18.– Ὁ ραδιοφωνικὸς σταθμὸς τῶν ἀνταρτῶν ἀνήγγειλεν ὅτι ἡ ἐκτέλεσις ἀνεστάλη, ἐν ἀναμονῇ τῶν διαπραγματεύσεων.

Η ΕΠΙΣΚΕΨΙΣ ΤΩΝ ΒΑΣΙΛΕΩΝ ΕΙΣ ΛΟΝΔΙΝΟΝ
Τὸ βασιλικὸν ζεῦγος τῆς Ἑλλάδος, εἰς τὸ ἀνάκτορον Λονδίνον, ἀπὸ ...ζήσαν ἐν τῷ ἀπάσῃ ἡμέρᾳ κλήτην, ὅπου τιμᾶσθαι ὁ εὐτυχής μετάβασιν εἰς δεδομένον. Τὸ νεανικόν, βασιλικὸν ζεῦγος, ἐφευρέθη τὸ χαλά μηναυδίνα ἰδιωτικόν ἐπισκέψιν εἰς τὴν ἀγγλικὴν πρωτεύουσαν.
